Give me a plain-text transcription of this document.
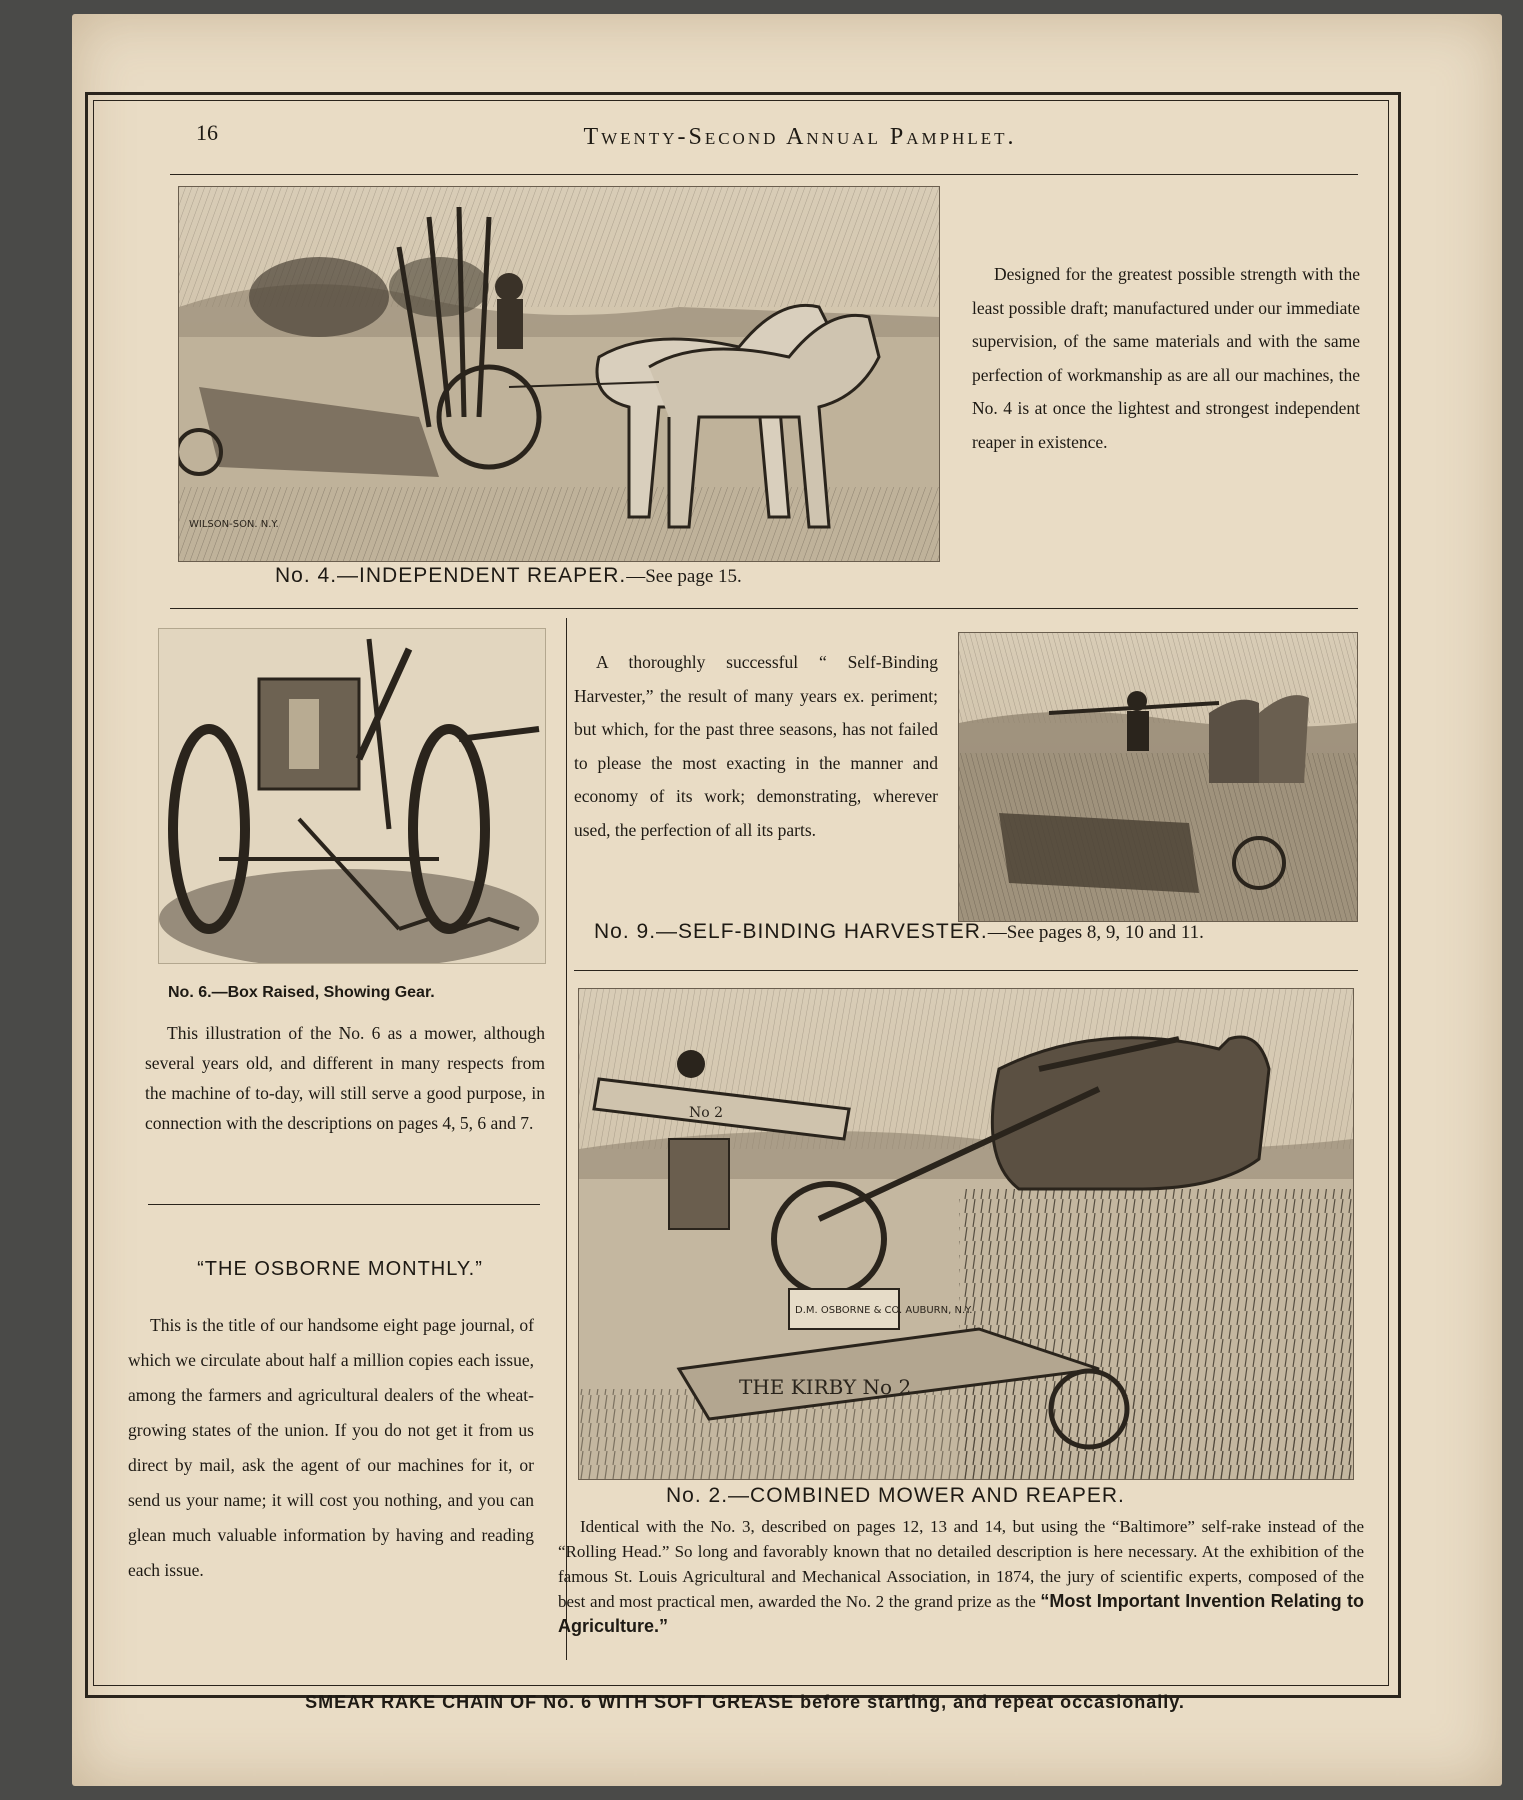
16	Twenty-Second Annual Pamphlet.
WILSON-SON. N.Y.
No. 4.—INDEPENDENT REAPER.—See page 15.
Designed for the greatest possible strength with the least possible draft; manufactured under our immediate supervision, of the same materials and with the same perfection of workmanship as are all our machines, the No. 4 is at once the lightest and strongest independent reaper in existence.
No. 6.—Box Raised, Showing Gear.
This illustration of the No. 6 as a mower, although several years old, and different in many respects from the machine of to-day, will still serve a good purpose, in connection with the descriptions on pages 4, 5, 6 and 7.
“THE OSBORNE MONTHLY.”
This is the title of our handsome eight page journal, of which we circulate about half a million copies each issue, among the farmers and agricultural dealers of the wheat-growing states of the union. If you do not get it from us direct by mail, ask the agent of our machines for it, or send us your name; it will cost you nothing, and you can glean much valuable information by having and reading each issue.
A thoroughly successful “ Self-Binding Harvester,” the result of many years ex. periment; but which, for the past three seasons, has not failed to please the most exacting in the manner and economy of its work; demonstrating, wherever used, the perfection of all its parts.
No. 9.—SELF-BINDING HARVESTER.—See pages 8, 9, 10 and 11.
No 2
D.M. OSBORNE & CO. AUBURN, N.Y.
THE KIRBY No 2
No. 2.—COMBINED MOWER AND REAPER.
Identical with the No. 3, described on pages 12, 13 and 14, but using the “Baltimore” self-rake instead of the “Rolling Head.” So long and favorably known that no detailed description is here necessary. At the exhibition of the famous St. Louis Agricultural and Mechanical Association, in 1874, the jury of scientific experts, composed of the best and most practical men, awarded the No. 2 the grand prize as the “Most Important Invention Relating to Agriculture.”
SMEAR RAKE CHAIN OF No. 6 WITH SOFT GREASE before starting, and repeat occasionally.
